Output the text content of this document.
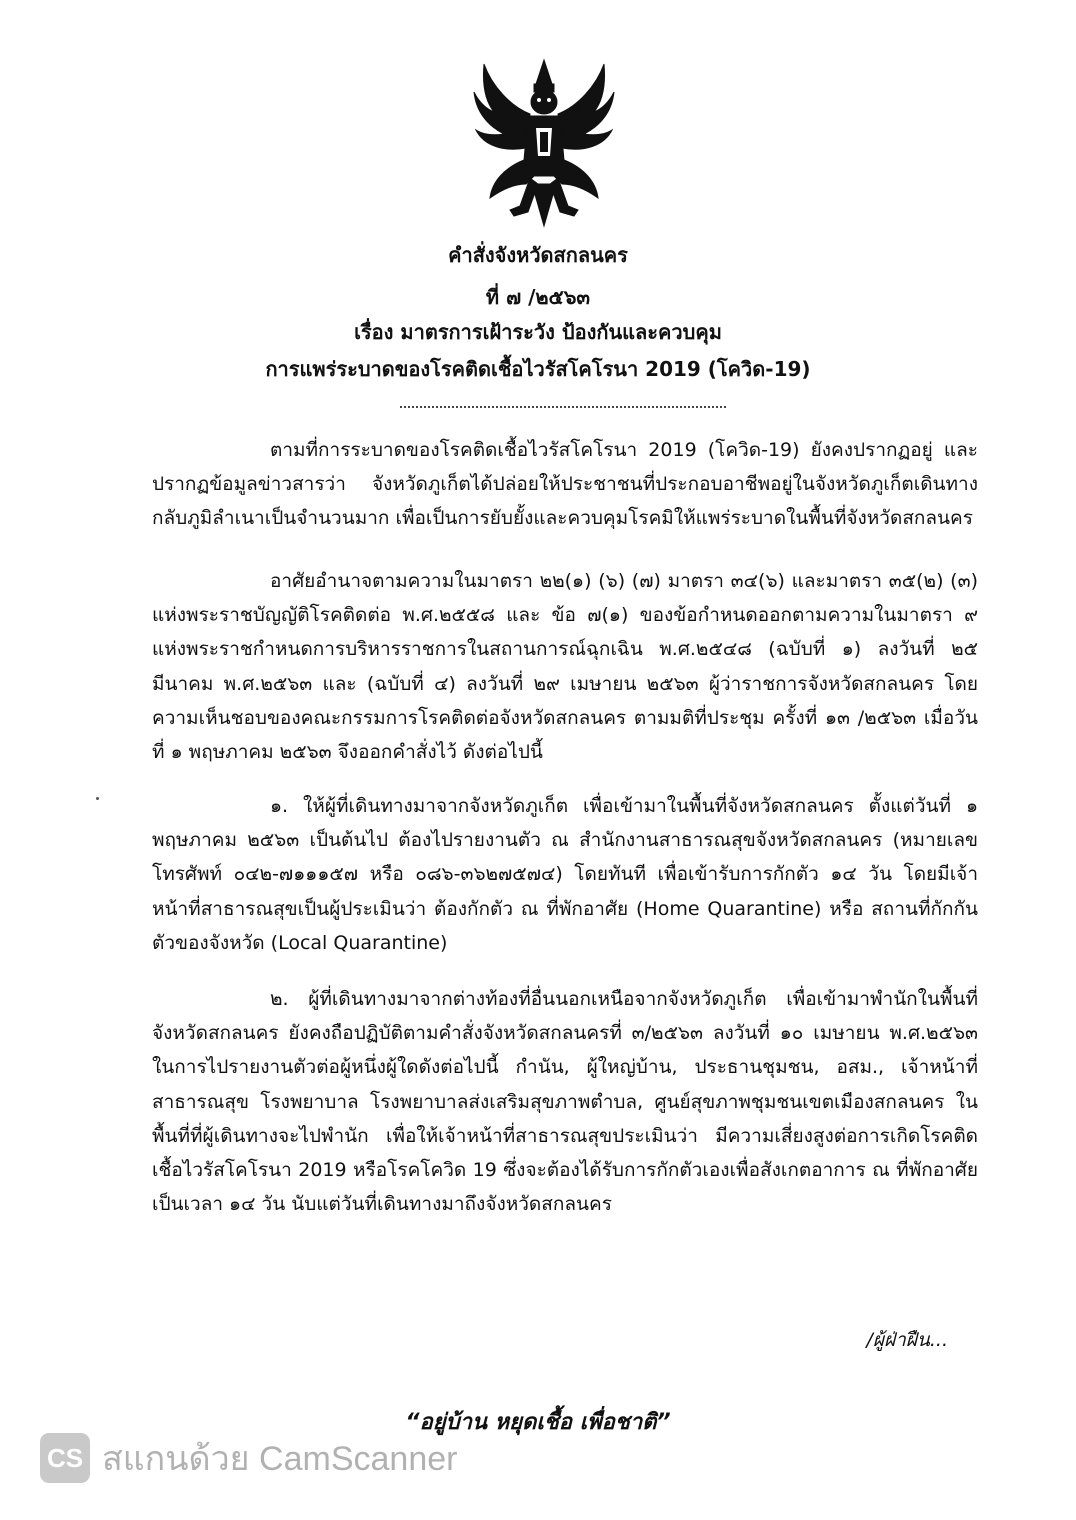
คำสั่งจังหวัดสกลนคร
ที่ ๗ /๒๕๖๓
เรื่อง มาตรการเฝ้าระวัง ป้องกันและควบคุม
การแพร่ระบาดของโรคติดเชื้อไวรัสโคโรนา 2019 (โควิด-19)
ตามที่การระบาดของโรคติดเชื้อไวรัสโคโรนา 2019 (โควิด-19) ยังคงปรากฏอยู่ และปรากฏข้อมูลข่าวสารว่า จังหวัดภูเก็ตได้ปล่อยให้ประชาชนที่ประกอบอาชีพอยู่ในจังหวัดภูเก็ตเดินทางกลับภูมิลำเนาเป็นจำนวนมาก เพื่อเป็นการยับยั้งและควบคุมโรคมิให้แพร่ระบาดในพื้นที่จังหวัดสกลนคร
อาศัยอำนาจตามความในมาตรา ๒๒(๑) (๖) (๗) มาตรา ๓๔(๖) และมาตรา ๓๕(๒) (๓) แห่งพระราชบัญญัติโรคติดต่อ พ.ศ.๒๕๕๘ และ ข้อ ๗(๑) ของข้อกำหนดออกตามความในมาตรา ๙ แห่งพระราชกำหนดการบริหารราชการในสถานการณ์ฉุกเฉิน พ.ศ.๒๕๔๘ (ฉบับที่ ๑) ลงวันที่ ๒๕ มีนาคม พ.ศ.๒๕๖๓ และ (ฉบับที่ ๔) ลงวันที่ ๒๙ เมษายน ๒๕๖๓ ผู้ว่าราชการจังหวัดสกลนคร โดยความเห็นชอบของคณะกรรมการโรคติดต่อจังหวัดสกลนคร ตามมติที่ประชุม ครั้งที่ ๑๓ /๒๕๖๓ เมื่อวันที่ ๑ พฤษภาคม ๒๕๖๓ จึงออกคำสั่งไว้ ดังต่อไปนี้
๑. ให้ผู้ที่เดินทางมาจากจังหวัดภูเก็ต เพื่อเข้ามาในพื้นที่จังหวัดสกลนคร ตั้งแต่วันที่ ๑ พฤษภาคม ๒๕๖๓ เป็นต้นไป ต้องไปรายงานตัว ณ สำนักงานสาธารณสุขจังหวัดสกลนคร (หมายเลขโทรศัพท์ ๐๔๒-๗๑๑๑๕๗ หรือ ๐๘๖-๓๖๒๗๕๗๔) โดยทันที เพื่อเข้ารับการกักตัว ๑๔ วัน โดยมีเจ้าหน้าที่สาธารณสุขเป็นผู้ประเมินว่า ต้องกักตัว ณ ที่พักอาศัย (Home Quarantine) หรือ สถานที่กักกันตัวของจังหวัด (Local Quarantine)
๒. ผู้ที่เดินทางมาจากต่างท้องที่อื่นนอกเหนือจากจังหวัดภูเก็ต เพื่อเข้ามาพำนักในพื้นที่จังหวัดสกลนคร ยังคงถือปฏิบัติตามคำสั่งจังหวัดสกลนครที่ ๓/๒๕๖๓ ลงวันที่ ๑๐ เมษายน พ.ศ.๒๕๖๓ ในการไปรายงานตัวต่อผู้หนึ่งผู้ใดดังต่อไปนี้ กำนัน, ผู้ใหญ่บ้าน, ประธานชุมชน, อสม., เจ้าหน้าที่สาธารณสุข โรงพยาบาล โรงพยาบาลส่งเสริมสุขภาพตำบล, ศูนย์สุขภาพชุมชนเขตเมืองสกลนคร ในพื้นที่ที่ผู้เดินทางจะไปพำนัก เพื่อให้เจ้าหน้าที่สาธารณสุขประเมินว่า มีความเสี่ยงสูงต่อการเกิดโรคติดเชื้อไวรัสโคโรนา 2019 หรือโรคโควิด 19 ซึ่งจะต้องได้รับการกักตัวเองเพื่อสังเกตอาการ ณ ที่พักอาศัยเป็นเวลา ๑๔ วัน นับแต่วันที่เดินทางมาถึงจังหวัดสกลนคร
/ผู้ฝ่าฝืน...
“อยู่บ้าน หยุดเชื้อ เพื่อชาติ”
CS สแกนด้วย CamScanner
